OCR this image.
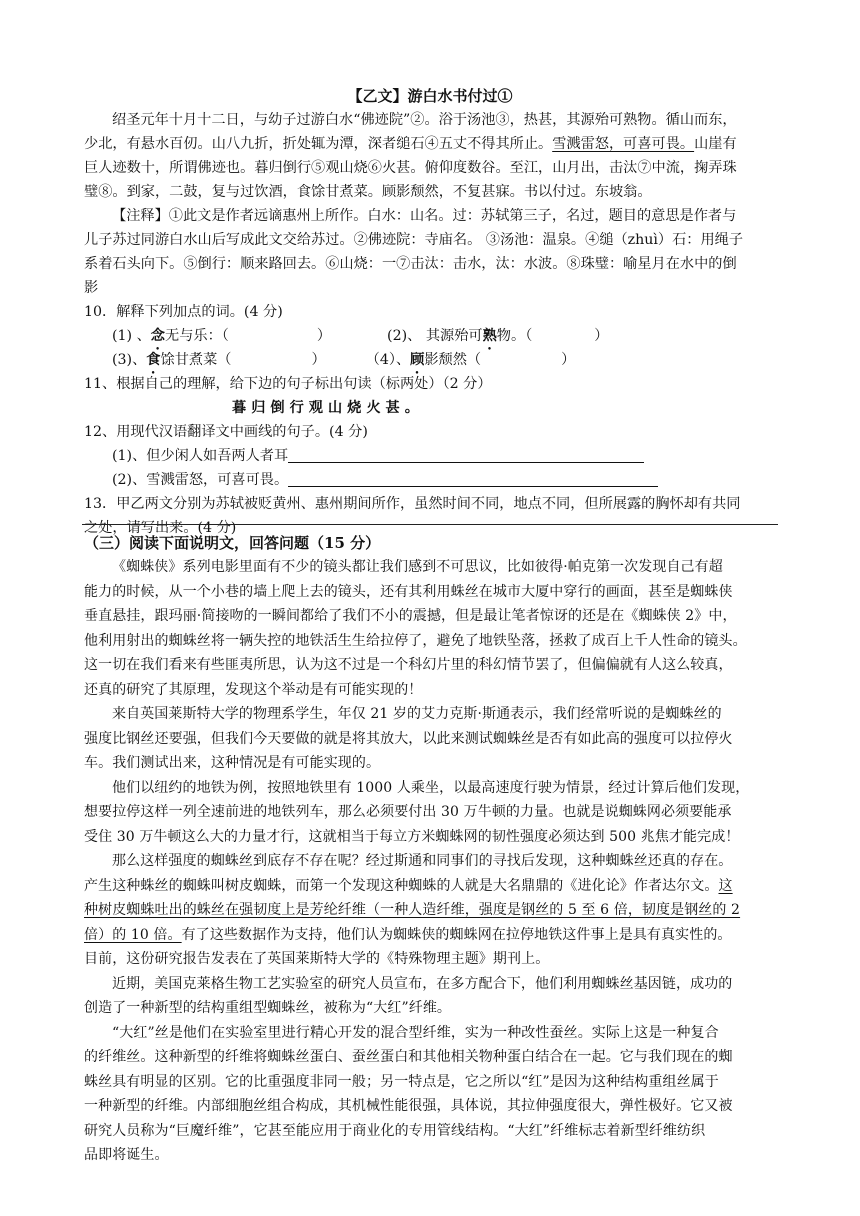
【乙文】游白水书付过①
绍圣元年十月十二日，与幼子过游白水“佛迹院”②。浴于汤池③，热甚，其源殆可熟物。循山而东，
少北，有悬水百仞。山八九折，折处辄为潭，深者缒石④五丈不得其所止。雪溅雷怒，可喜可畏。山崖有
巨人迹数十，所谓佛迹也。暮归倒行⑤观山烧⑥火甚。俯仰度数谷。至江，山月出，击汰⑦中流，掬弄珠
璧⑧。到家，二鼓，复与过饮酒，食馀甘煮菜。顾影颓然，不复甚寐。书以付过。东坡翁。
【注释】①此文是作者远谪惠州上所作。白水：山名。过：苏轼第三子，名过，题目的意思是作者与
儿子苏过同游白水山后写成此文交给苏过。②佛迹院：寺庙名。 ③汤池：温泉。④缒（zhuì）石：用绳子
系着石头向下。⑤倒行：顺来路回去。⑥山烧：一⑦击汰：击水，汰：水波。⑧珠璧：喻星月在水中的倒
影
10．解释下列加点的词。(4 分)
(1) 、念无与乐：（	）	(2)、 其源殆可熟物。（	）
(3)、食馀甘煮菜（	）	（4）、顾影颓然（	）
11、根据自己的理解，给下边的句子标出句读（标两处）（2 分）
暮归倒行观山烧火甚。
12、用现代汉语翻译文中画线的句子。(4 分)
(1)、但少闲人如吾两人者耳
(2)、雪溅雷怒，可喜可畏。
13．甲乙两文分别为苏轼被贬黄州、惠州期间所作，虽然时间不同，地点不同，但所展露的胸怀却有共同
之处，请写出来。(4 分)
（三）阅读下面说明文，回答问题（15 分）
《蜘蛛侠》系列电影里面有不少的镜头都让我们感到不可思议，比如彼得·帕克第一次发现自己有超
能力的时候，从一个小巷的墙上爬上去的镜头，还有其利用蛛丝在城市大厦中穿行的画面，甚至是蜘蛛侠
垂直悬挂，跟玛丽·简接吻的一瞬间都给了我们不小的震撼，但是最让笔者惊讶的还是在《蜘蛛侠 2》中，
他利用射出的蜘蛛丝将一辆失控的地铁活生生给拉停了，避免了地铁坠落，拯救了成百上千人性命的镜头。
这一切在我们看来有些匪夷所思，认为这不过是一个科幻片里的科幻情节罢了，但偏偏就有人这么较真，
还真的研究了其原理，发现这个举动是有可能实现的！
来自英国莱斯特大学的物理系学生，年仅 21 岁的艾力克斯·斯通表示，我们经常听说的是蜘蛛丝的
强度比钢丝还要强，但我们今天要做的就是将其放大，以此来测试蜘蛛丝是否有如此高的强度可以拉停火
车。我们测试出来，这种情况是有可能实现的。
他们以纽约的地铁为例，按照地铁里有 1000 人乘坐，以最高速度行驶为情景，经过计算后他们发现，
想要拉停这样一列全速前进的地铁列车，那么必须要付出 30 万牛顿的力量。也就是说蜘蛛网必须要能承
受住 30 万牛顿这么大的力量才行，这就相当于每立方米蜘蛛网的韧性强度必须达到 500 兆焦才能完成！
那么这样强度的蜘蛛丝到底存不存在呢？经过斯通和同事们的寻找后发现，这种蜘蛛丝还真的存在。
产生这种蛛丝的蜘蛛叫树皮蜘蛛，而第一个发现这种蜘蛛的人就是大名鼎鼎的《进化论》作者达尔文。这
种树皮蜘蛛吐出的蛛丝在强韧度上是芳纶纤维（一种人造纤维，强度是钢丝的 5 至 6 倍，韧度是钢丝的 2
倍）的 10 倍。有了这些数据作为支持，他们认为蜘蛛侠的蜘蛛网在拉停地铁这件事上是具有真实性的。
目前，这份研究报告发表在了英国莱斯特大学的《特殊物理主题》期刊上。
近期，美国克莱格生物工艺实验室的研究人员宣布，在多方配合下，他们利用蜘蛛丝基因链，成功的
创造了一种新型的结构重组型蜘蛛丝，被称为“大红”纤维。
“大红”丝是他们在实验室里进行精心开发的混合型纤维，实为一种改性蚕丝。实际上这是一种复合
的纤维丝。这种新型的纤维将蜘蛛丝蛋白、蚕丝蛋白和其他相关物种蛋白结合在一起。它与我们现在的蜘
蛛丝具有明显的区别。它的比重强度非同一般；另一特点是，它之所以“红”是因为这种结构重组丝属于
一种新型的纤维。内部细胞丝组合构成，其机械性能很强，具体说，其拉伸强度很大，弹性极好。它又被
研究人员称为“巨魔纤维”，它甚至能应用于商业化的专用管线结构。“大红”纤维标志着新型纤维纺织
品即将诞生。
